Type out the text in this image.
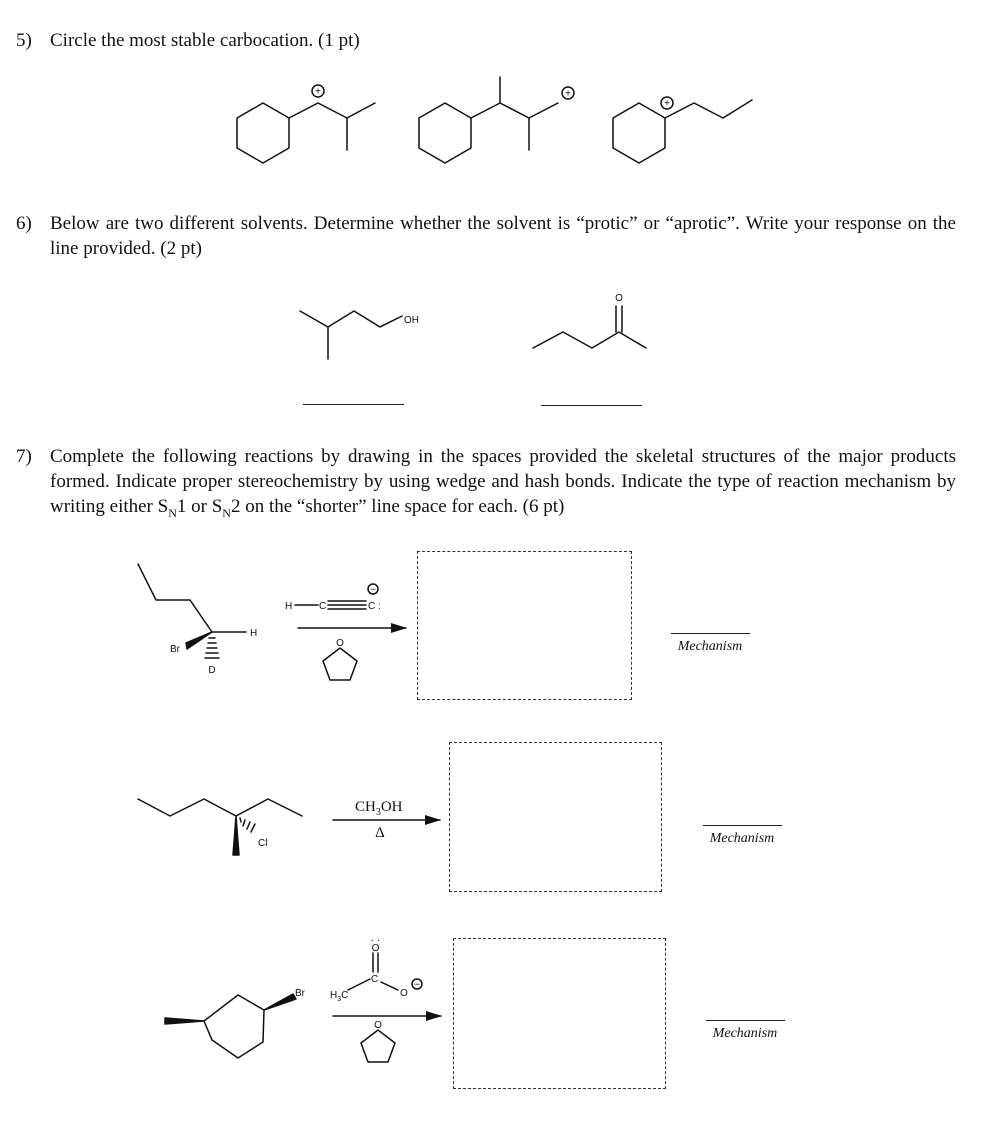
5) Circle the most stable carbocation. (1 pt)
6) Below are two different solvents. Determine whether the solvent is “protic” or “aprotic”. Write your response on the line provided. (2 pt)
7) Complete the following reactions by drawing in the spaces provided the skeletal structures of the major products formed. Indicate proper stereochemistry by using wedge and hash bonds. Indicate the type of reaction mechanism by writing either $S_N1$ or $S_N2$ on the “shorter” line space for each. (6 pt)
+	+
+
OH
O
H
Br
D
H	C	C :
−
O
Cl
$CH_3OH$
Δ
Br	$H_3C$
C
O
· ·
O
−
O
Mechanism
Mechanism
Mechanism
